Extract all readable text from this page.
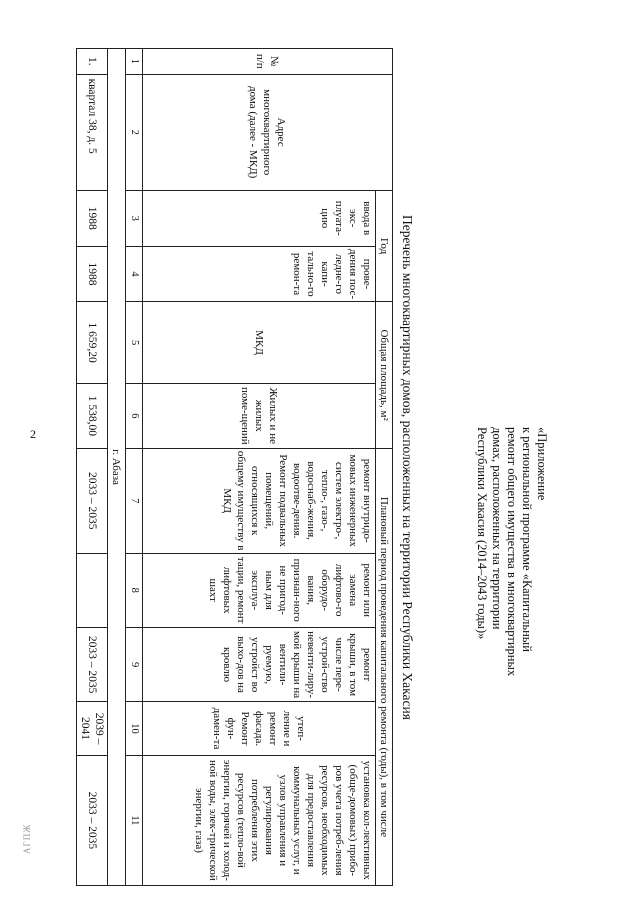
2
АГПЖ
«Приложение
к региональной программе «Капитальный
ремонт общего имущества в многоквартирных
домах, расположенных на территории
Республики Хакасия (2014–2043 годы)»
Перечень многоквартирных домов, расположенных на территории Республики Хакасия
№ п/п	Адрес многоквартирного дома (далее - МКД)	Год		Общая площадь, м²		Плановый период проведения капитального ремонта (годы), в том числе				
		ввода в экс-плуата-цию	прове-дения пос-ледне-го капи-тально-го ремон-та	МКД	Жилых и не жилых поме-щений	ремонт внутридо-мовых инженерных систем электро-, тепло-, газо-, водоснаб-жения, водоотве-дения. Ремонт подвальных помещений, относящихся к общему имуществу в МКД	ремонт или замена лифтово-го оборудо-вания, признан-ного не пригод-ным для эксплуа-тации, ремонт лифтовых шахт	ремонт крыши, в том числе пере-устрой-ство невенти-лиру-мой крыши на вентили-руемую, устройст во выхо-дов на кровлю	утеп-ление и ремонт фасада. Ремонт фун-дамен-та	установка кол-лективных (обще-домовых) прибо-ров учета потреб-ления ресурсов, необходимых для предоставления коммунальных услуг, и узлов управления и регулирования потребления этих ресурсов (тепло-вой энергии, горячей и холод-ной воды, элек-трической энергии, газа)
1	2	3	4	5	6	7	8	9	10	11
г. Абаза										
1.	квартал 38, д. 5	1988	1988	1 659,20	1 538,00	2033 – 2035		2033 – 2035	2039 – 2041	2033 – 2035
